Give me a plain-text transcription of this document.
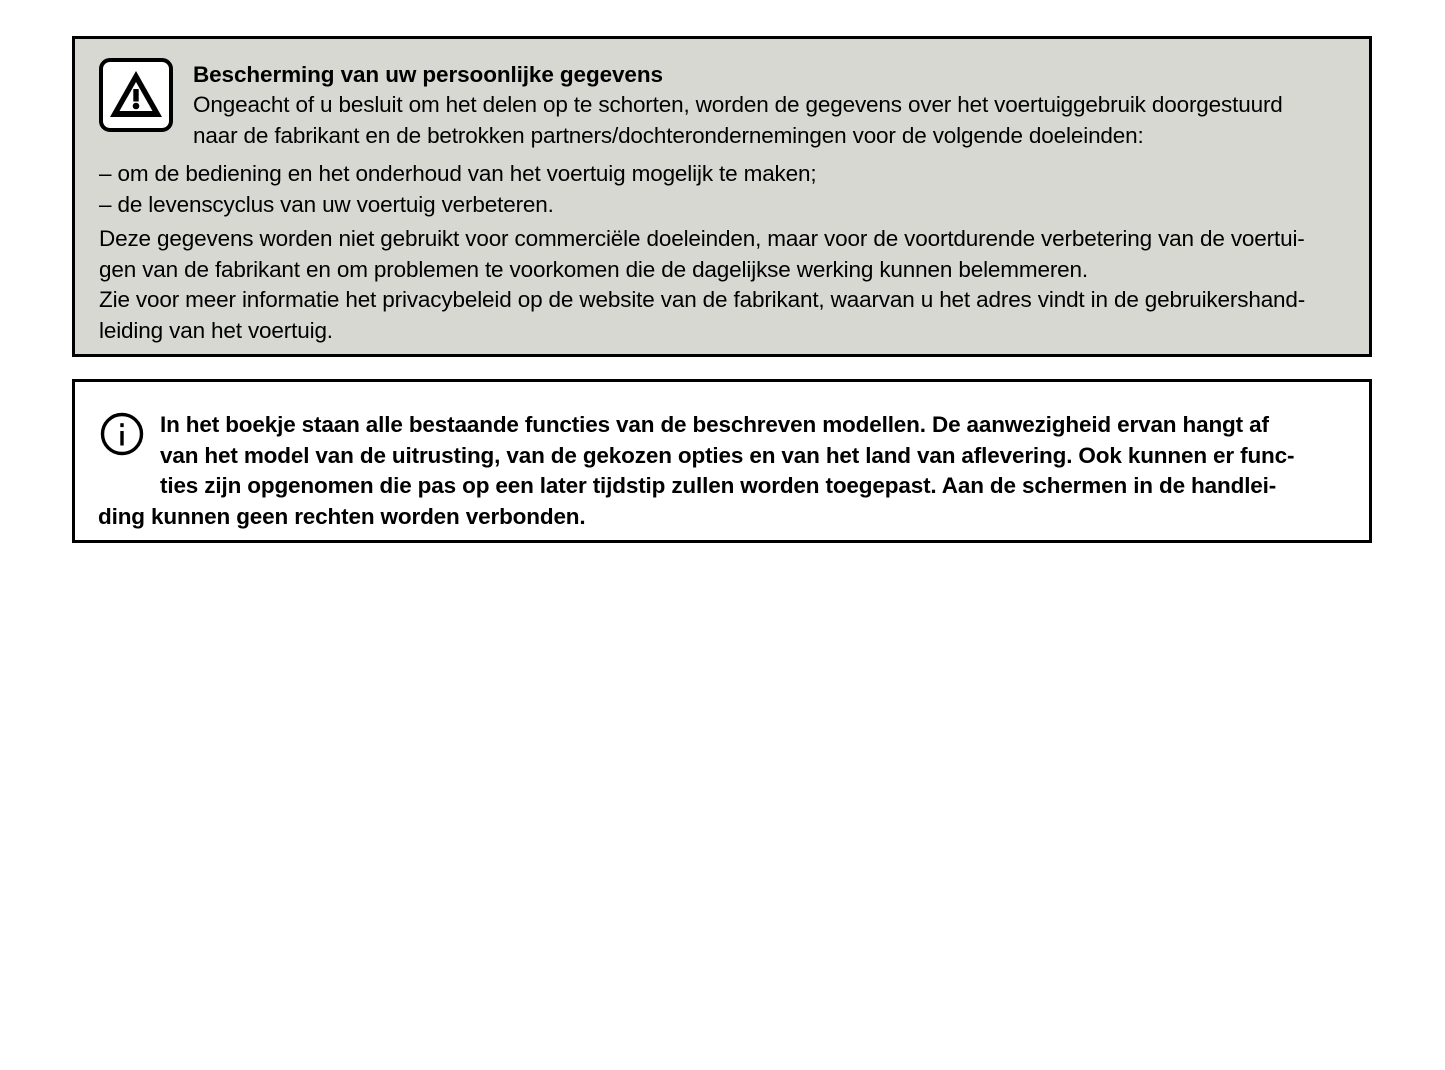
Bescherming van uw persoonlijke gegevens
Ongeacht of u besluit om het delen op te schorten, worden de gegevens over het voertuiggebruik doorgestuurd
naar de fabrikant en de betrokken partners/dochterondernemingen voor de volgende doeleinden:
– om de bediening en het onderhoud van het voertuig mogelijk te maken;
– de levenscyclus van uw voertuig verbeteren.
Deze gegevens worden niet gebruikt voor commerciële doeleinden, maar voor de voortdurende verbetering van de voertui-
gen van de fabrikant en om problemen te voorkomen die de dagelijkse werking kunnen belemmeren.
Zie voor meer informatie het privacybeleid op de website van de fabrikant, waarvan u het adres vindt in de gebruikershand-
leiding van het voertuig.
In het boekje staan alle bestaande functies van de beschreven modellen. De aanwezigheid ervan hangt af
van het model van de uitrusting, van de gekozen opties en van het land van aflevering. Ook kunnen er func-
ties zijn opgenomen die pas op een later tijdstip zullen worden toegepast. Aan de schermen in de handlei-
ding kunnen geen rechten worden verbonden.
